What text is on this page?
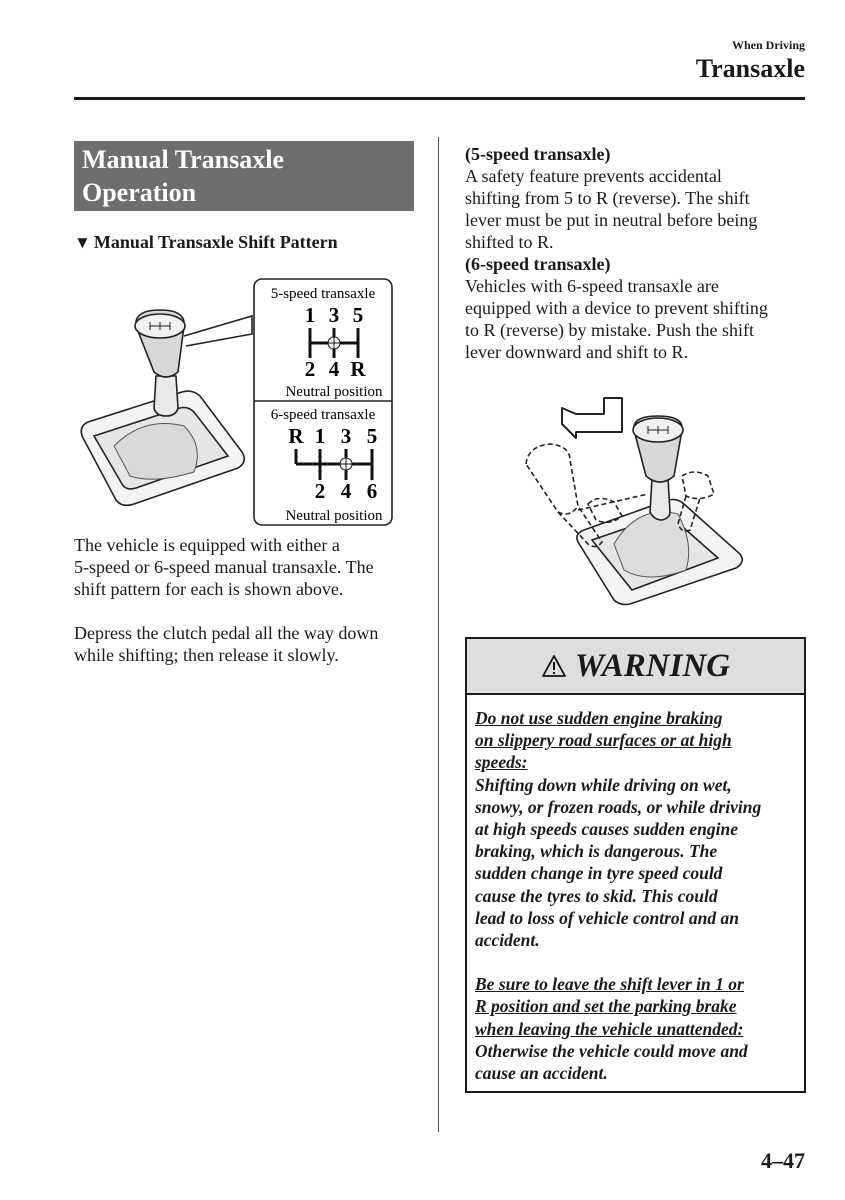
When Driving
Transaxle
Manual Transaxle
Operation
▼ Manual Transaxle Shift Pattern
5-speed transaxle
1 3 5
2 4 R
Neutral position
6-speed transaxle
R 1 3 5
2 4 6
Neutral position
The vehicle is equipped with either a
5-speed or 6-speed manual transaxle. The
shift pattern for each is shown above.
Depress the clutch pedal all the way down
while shifting; then release it slowly.
(5-speed transaxle)
A safety feature prevents accidental
shifting from 5 to R (reverse). The shift
lever must be put in neutral before being
shifted to R.
(6-speed transaxle)
Vehicles with 6-speed transaxle are
equipped with a device to prevent shifting
to R (reverse) by mistake. Push the shift
lever downward and shift to R.
WARNING
Do not use sudden engine braking
on slippery road surfaces or at high
speeds:
Shifting down while driving on wet,
snowy, or frozen roads, or while driving
at high speeds causes sudden engine
braking, which is dangerous. The
sudden change in tyre speed could
cause the tyres to skid. This could
lead to loss of vehicle control and an
accident.
Be sure to leave the shift lever in 1 or
R position and set the parking brake
when leaving the vehicle unattended:
Otherwise the vehicle could move and
cause an accident.
4–47
